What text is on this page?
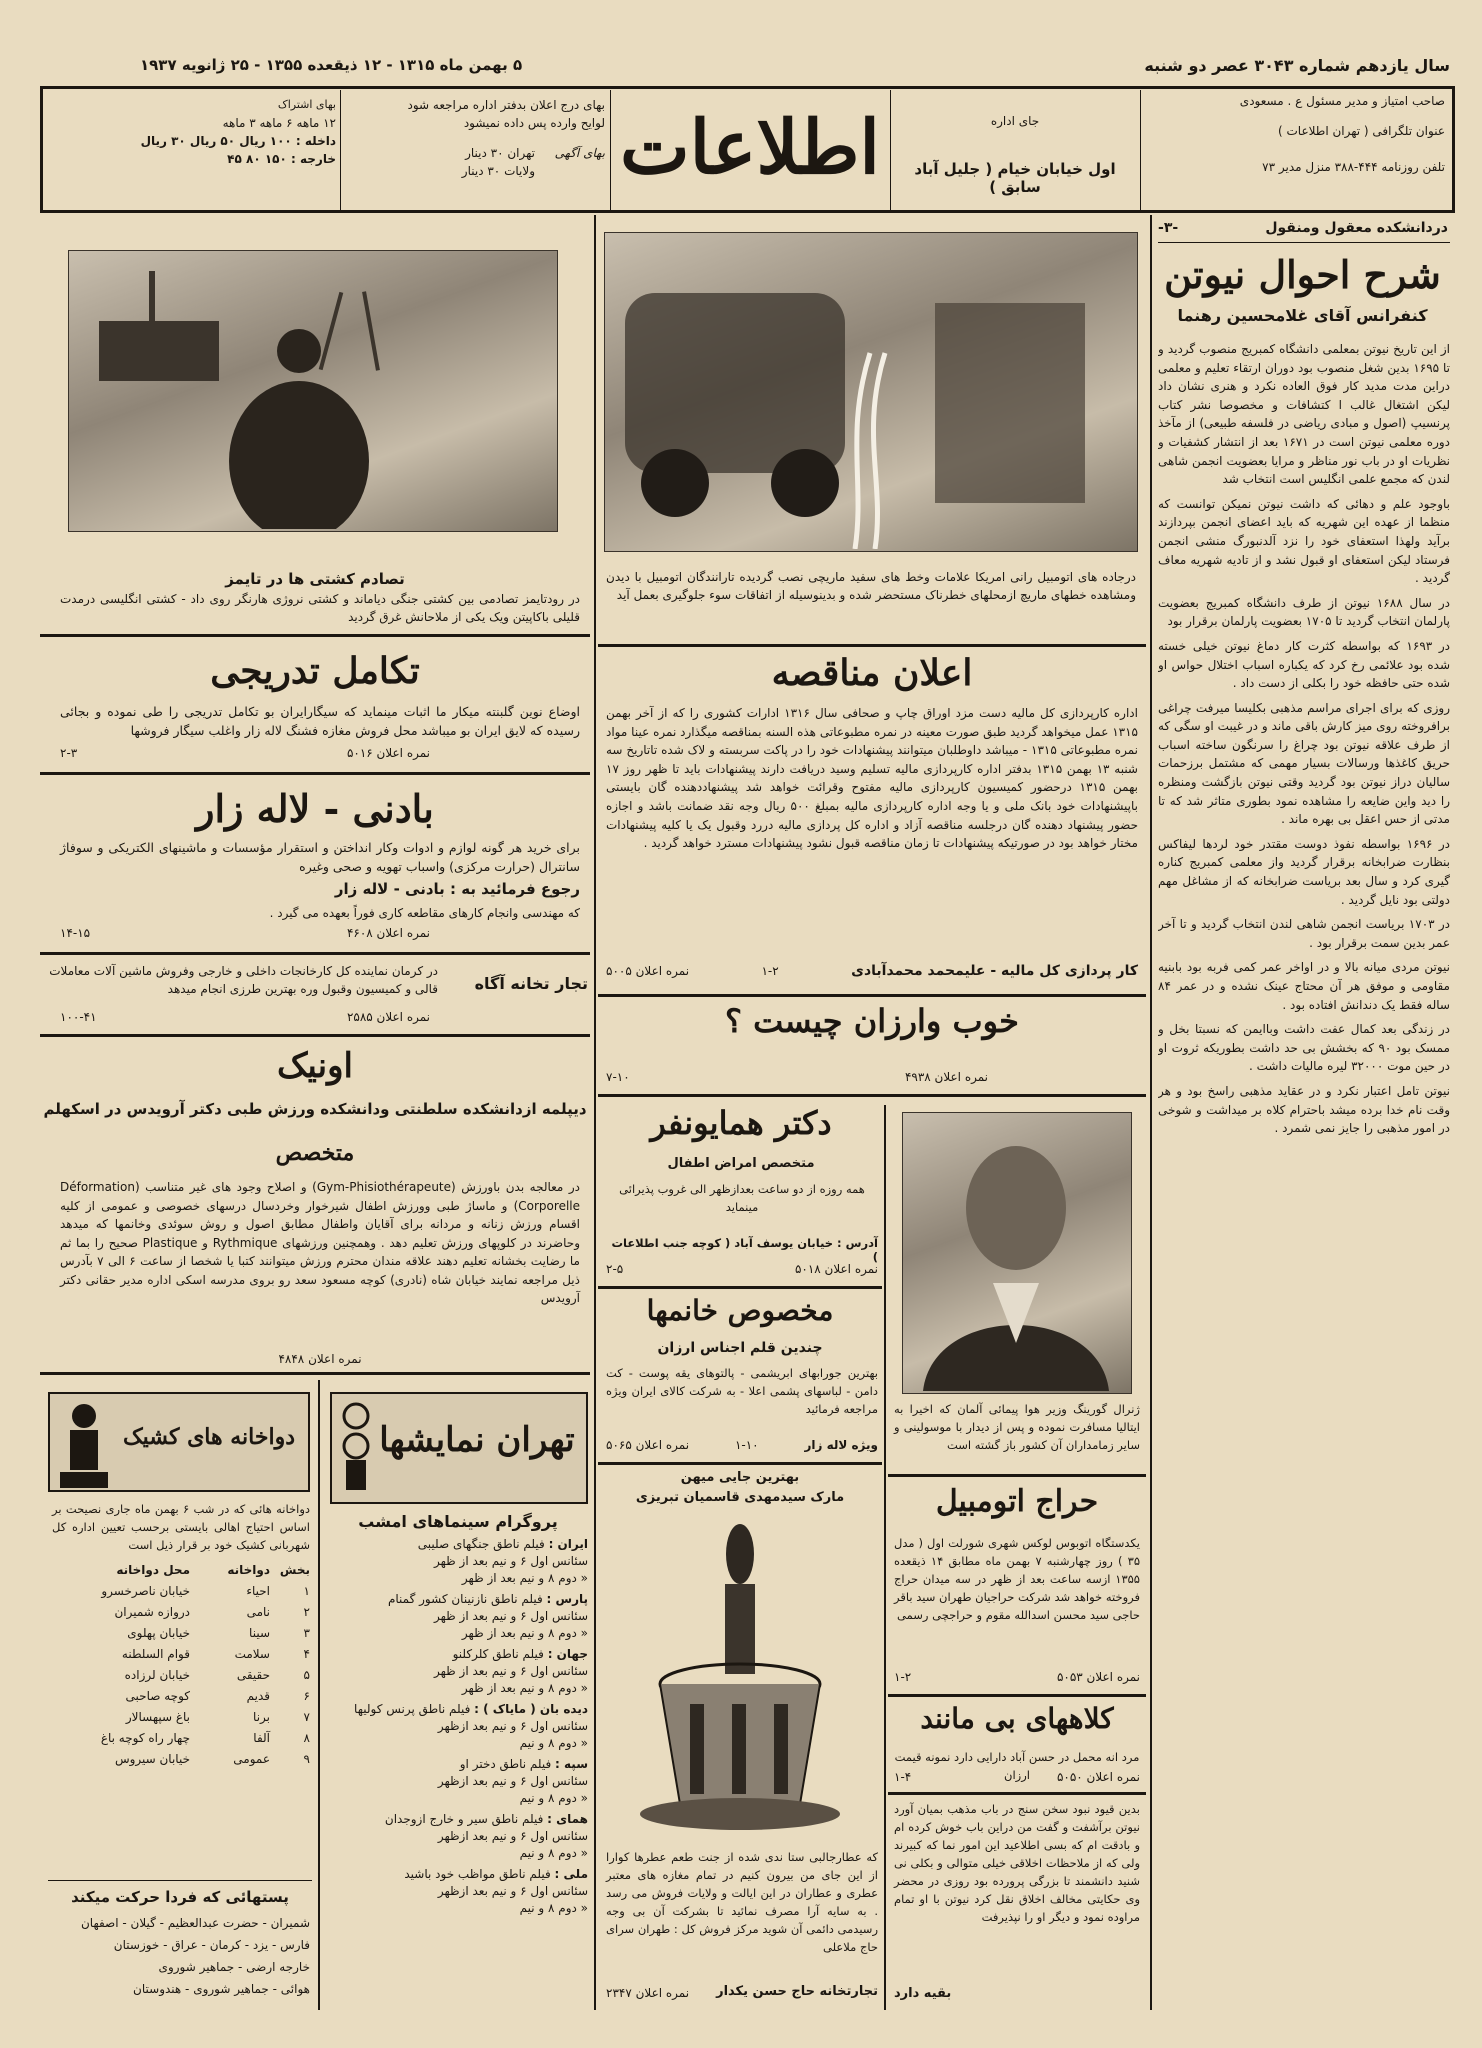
سال یازدهم شماره ۳۰۴۳ عصر دو شنبه
۵ بهمن ماه ۱۳۱۵ - ۱۲ ذیقعده ۱۳۵۵ - ۲۵ ژانویه ۱۹۳۷
صاحب امتیاز و مدیر مسئول ع . مسعودی
عنوان تلگرافی ( تهران اطلاعات )
تلفن روزنامه ۴۴۴-۳۸۸ منزل مدیر ۷۳
جای اداره
اول خیابان خیام ( جلیل آباد سابق )
اطلاعات
بهای درج اعلان بدفتر اداره مراجعه شود
لوایح وارده پس داده نمیشود
بهای آگهی
تهران ۳۰ دینار
ولایات ۳۰ دینار
بهای اشتراک
۱۲ ماهه ۶ ماهه ۳ ماهه
داخله : ۱۰۰ ریال ۵۰ ریال ۳۰ ریال
خارجه : ۱۵۰ ۸۰ ۴۵
دردانشکده معقول ومنقول
-۳-
شرح احوال نیوتن
کنفرانس آقای غلامحسین رهنما

از این تاریخ نیوتن بمعلمی دانشگاه کمبریج منصوب گردید و تا ۱۶۹۵ بدین شغل منصوب بود دوران ارتقاء تعلیم و معلمی دراین مدت مدید کار فوق العاده نکرد و هنری نشان داد لیکن اشتغال غالب ا کتشافات و مخصوصا نشر کتاب پرنسیپ (اصول و مبادی ریاضی در فلسفه طبیعی) از مآخذ دوره معلمی نیوتن است در ۱۶۷۱ بعد از انتشار کشفیات و نظریات او در باب نور مناظر و مرایا بعضویت انجمن شاهی لندن که مجمع علمی انگلیس است انتخاب شد

باوجود علم و دهائی که داشت نیوتن نمیکن توانست که منظما از عهده این شهریه که باید اعضای انجمن بپردازند برآید ولهذا استعفای خود را نزد آلدنبورگ منشی انجمن فرستاد لیکن استعفای او قبول نشد و از تادیه شهریه معاف گردید .

در سال ۱۶۸۸ نیوتن از طرف دانشگاه کمبریج بعضویت پارلمان انتخاب گردید تا ۱۷۰۵ بعضویت پارلمان برقرار بود

در ۱۶۹۳ که بواسطه کثرت کار دماغ نیوتن خیلی خسته شده بود علائمی رخ کرد که یکباره اسباب اختلال حواس او شده حتی حافظه خود را بکلی از دست داد .

روزی که برای اجرای مراسم مذهبی بکلیسا میرفت چراغی برافروخته روی میز کارش باقی ماند و در غیبت او سگی که از طرف علاقه نیوتن بود چراغ را سرنگون ساخته اسباب حریق کاغذها ورسالات بسیار مهمی که مشتمل برزحمات سالیان دراز نیوتن بود گردید وقتی نیوتن بازگشت ومنظره را دید واین ضایعه را مشاهده نمود بطوری متاثر شد که تا مدتی از حس اعقل بی بهره ماند .

در ۱۶۹۶ بواسطه نفوذ دوست مقتدر خود لردها لیفاکس بنظارت ضرابخانه برقرار گردید واز معلمی کمبریج کناره گیری کرد و سال بعد بریاست ضرابخانه که از مشاغل مهم دولتی بود نایل گردید .

در ۱۷۰۳ بریاست انجمن شاهی لندن انتخاب گردید و تا آخر عمر بدین سمت برقرار بود .

نیوتن مردی میانه بالا و در اواخر عمر کمی فربه بود بابنیه مقاومی و موفق هر آن محتاج عینک نشده و در عمر ۸۴ ساله فقط یک دندانش افتاده بود .

در زندگی بعد کمال عفت داشت وباایمن که نسبتا بخل و ممسک بود ۹۰ که بخشش بی حد داشت بطوریکه ثروت او در حین موت ۳۲۰۰۰ لیره مالیات داشت .

نیوتن تامل اعتبار نکرد و در عقاید مذهبی راسخ بود و هر وقت نام خدا برده میشد باحترام کلاه بر میداشت و شوخی در امور مذهبی را جایز نمی شمرد .

درجاده های اتومبیل رانی امریکا علامات وخط های سفید ماریچی نصب گردیده تارانندگان اتومبیل با دیدن ومشاهده خطهای ماریچ ازمحلهای خطرناک مستحضر شده و بدینوسیله از اتفاقات سوء جلوگیری بعمل آید
تصادم کشتی ها در تایمز
در رودتایمز تصادمی بین کشتی جنگی دیاماند و کشتی نروژی هارنگر روی داد - کشتی انگلیسی درمدت قلیلی باکاپیتن ویک یکی از ملاحانش غرق گردید
تکامل تدریجی
اوضاع نوین گلبنته میکار ما اثبات مینماید که سیگارایران بو تکامل تدریجی را طی نموده و بجائی رسیده که لایق ایران بو میباشد محل فروش مغازه فشنگ لاله زار واغلب سیگار فروشها
نمره اعلان ۵۰۱۶
۲-۳
بادنی - لاله زار
برای خرید هر گونه لوازم و ادوات وکار انداختن و استقرار مؤسسات و ماشینهای الکتریکی و سوفاژ سانترال (حرارت مرکزی) واسباب تهویه و صحی وغیره
رجوع فرمائید به : بادنی - لاله زار
که مهندسی وانجام کارهای مقاطعه کاری فوراً بعهده می گیرد .
نمره اعلان ۴۶۰۸
۱۴-۱۵
تجار تخانه آگاه
در کرمان نماینده کل کارخانجات داخلی و خارجی وفروش ماشین آلات معاملات قالی و کمیسیون وقبول وره بهترین طرزی انجام میدهد
نمره اعلان ۲۵۸۵
۱۰۰-۴۱
اونیک
دیپلمه ازدانشکده سلطنتی ودانشکده ورزش طبی دکتر آرویدس در اسکهلم
متخصص
در معالجه بدن باورزش (Gym-Phisiothérapeute) و اصلاح وجود های غیر متناسب (Déformation Corporelle) و ماساژ طبی وورزش اطفال شیرخوار وخردسال درسهای خصوصی و عمومی از کلیه اقسام ورزش زنانه و مردانه برای آقایان واطفال مطابق اصول و روش سوئدی وخانمها که میدهد وحاضرند در کلوپهای ورزش تعلیم دهد . وهمچنین ورزشهای Rythmique و Plastique صحیح را بما ثم ما رضایت بخشانه تعلیم دهند علاقه مندان محترم ورزش میتوانند کتبا یا شخصا از ساعت ۶ الی ۷ بآدرس ذیل مراجعه نمایند خیابان شاه (نادری) کوچه مسعود سعد رو بروی مدرسه اسکی اداره مدیر حقانی دکتر آرویدس
نمره اعلان ۴۸۴۸
اعلان مناقصه
اداره کارپردازی کل مالیه دست مزد اوراق چاپ و صحافی سال ۱۳۱۶ ادارات کشوری را که از آخر بهمن ۱۳۱۵ عمل میخواهد گردید طبق صورت معینه در نمره مطبوعاتی هذه السنه بمناقصه میگذارد نمره عینا مواد نمره مطبوعاتی ۱۳۱۵ - میباشد داوطلبان میتوانند پیشنهادات خود را در پاکت سربسته و لاک شده تاتاریخ سه شنبه ۱۳ بهمن ۱۳۱۵ بدفتر اداره کارپردازی مالیه تسلیم وسید دریافت دارند پیشنهادات باید تا ظهر روز ۱۷ بهمن ۱۳۱۵ درحضور کمیسیون کارپردازی مالیه مفتوح وقرائت خواهد شد پیشنهاددهنده گان بایستی باپیشنهادات خود بانک ملی و یا وجه اداره کارپردازی مالیه بمبلغ ۵۰۰ ریال وجه نقد ضمانت باشد و اجازه حضور پیشنهاد دهنده گان درجلسه مناقصه آزاد و اداره کل پردازی مالیه دررد وقبول یک یا کلیه پیشنهادات مختار خواهد بود در صورتیکه پیشنهادات تا زمان مناقصه قبول نشود پیشنهادات مسترد خواهد گردید .
کار پردازی کل مالیه - علیمحمد محمدآبادی
۱-۲
نمره اعلان ۵۰۰۵
خوب وارزان چیست ؟
نمره اعلان ۴۹۳۸
۷-۱۰
دکتر همایونفر
متخصص امراض اطفال
همه روزه از دو ساعت بعدازظهر الی غروب پذیرائی مینماید
آدرس : خیابان یوسف آباد ( کوچه جنب اطلاعات )
نمره اعلان ۵۰۱۸
۲-۵
ژنرال گورینگ وزیر هوا پیمائی آلمان که اخیرا به ایتالیا مسافرت نموده و پس از دیدار با موسولینی و سایر زمامداران آن کشور باز گشته است
مخصوص خانمها
چندین قلم اجناس ارزان
بهترین جورابهای ابریشمی - پالتوهای یقه پوست - کت دامن - لباسهای پشمی اعلا - به شرکت کالای ایران ویژه مراجعه فرمائید
ویژه لاله زار
۱-۱۰
نمره اعلان ۵۰۶۵
بهترین جایی میهن
مارک سیدمهدی قاسمیان تبریزی
که عطارجالبی ستا ندی شده از جنت طعم عطرها کوارا از این جای من بیرون کنیم در تمام مغازه های معتبر عطری و عطاران در این ایالت و ولایات فروش می رسد . به سایه آرا مصرف نمائید تا بشرکت آن بی وجه رسیدمی دائمی آن شوید مرکز فروش کل : طهران سرای حاج ملاعلی
تجارتخانه حاج حسن یکدار
نمره اعلان ۲۳۴۷
حراج اتومبیل
یکدستگاه اتوبوس لوکس شهری شورلت اول ( مدل ۳۵ ) روز چهارشنبه ۷ بهمن ماه مطابق ۱۴ ذیقعده ۱۳۵۵ ازسه ساعت بعد از ظهر در سه میدان حراج فروخته خواهد شد شرکت حراجیان طهران سید باقر حاجی سید محسن اسدالله مقوم و حراجچی رسمی
نمره اعلان ۵۰۵۳
۱-۲
کلاههای بی مانند
مرد انه محمل در حسن آباد دارایی دارد نمونه قیمت ارزان	نمره اعلان ۵۰۵۰
۱-۴
بدین قیود نبود سخن سنج در باب مذهب بمیان آورد نیوتن برآشفت و گفت من دراین باب خوش کرده ام و بادقت ام که بسی اطلاعید این امور نما که کبیرند ولی که از ملاحظات اخلاقی خیلی متوالی و بکلی نی شنید دانشمند تا بزرگی پرورده بود روزی در محضر وی حکایتی مخالف اخلاق نقل کرد نیوتن با او تمام مراوده نمود و دیگر او را نپذیرفت
بقیه دارد
تهران نمایشها
پروگرام سینماهای امشب
ایران : فیلم ناطق جنگهای صلیبی
سئانس اول ۶ و نیم بعد از ظهر
« دوم ۸ و نیم بعد از ظهر
پارس : فیلم ناطق نازنینان کشور گمنام
سئانس اول ۶ و نیم بعد از ظهر
« دوم ۸ و نیم بعد از ظهر
جهان : فیلم ناطق کلرکلنو
سئانس اول ۶ و نیم بعد از ظهر
« دوم ۸ و نیم بعد از ظهر
دیده بان ( مایاک ) : فیلم ناطق پرنس کولیها
سئانس اول ۶ و نیم بعد ازظهر
« دوم ۸ و نیم
سپه : فیلم ناطق دختر او
سئانس اول ۶ و نیم بعد ازظهر
« دوم ۸ و نیم
همای : فیلم ناطق سیر و خارج ازوجدان
سئانس اول ۶ و نیم بعد ازظهر
« دوم ۸ و نیم
ملی : فیلم ناطق مواظب خود باشید
سئانس اول ۶ و نیم بعد ازظهر
« دوم ۸ و نیم
دواخانه های کشیک
دواخانه هائی که در شب ۶ بهمن ماه جاری نصیحت بر اساس احتیاج اهالی بایستی برحسب تعیین اداره کل شهربانی کشیک خود بر قرار ذیل است
بخش
دواخانه
محل دواخانه
۱
احیاء
خیابان ناصرخسرو
۲
نامی
دروازه شمیران
۳
سینا
خیابان پهلوی
۴
سلامت
قوام السلطنه
۵
حقیقی
خیابان لرزاده
۶
قدیم
کوچه صاحبی
۷
برنا
باغ سپهسالار
۸
آلفا
چهار راه کوچه باغ
۹
عمومی
خیابان سیروس
پستهائی که فردا حرکت میکند
شمیران - حضرت عبدالعظیم - گیلان - اصفهان
فارس - یزد - کرمان - عراق - خوزستان
خارجه ارضی - جماهیر شوروی
هوائی - جماهیر شوروی - هندوستان
